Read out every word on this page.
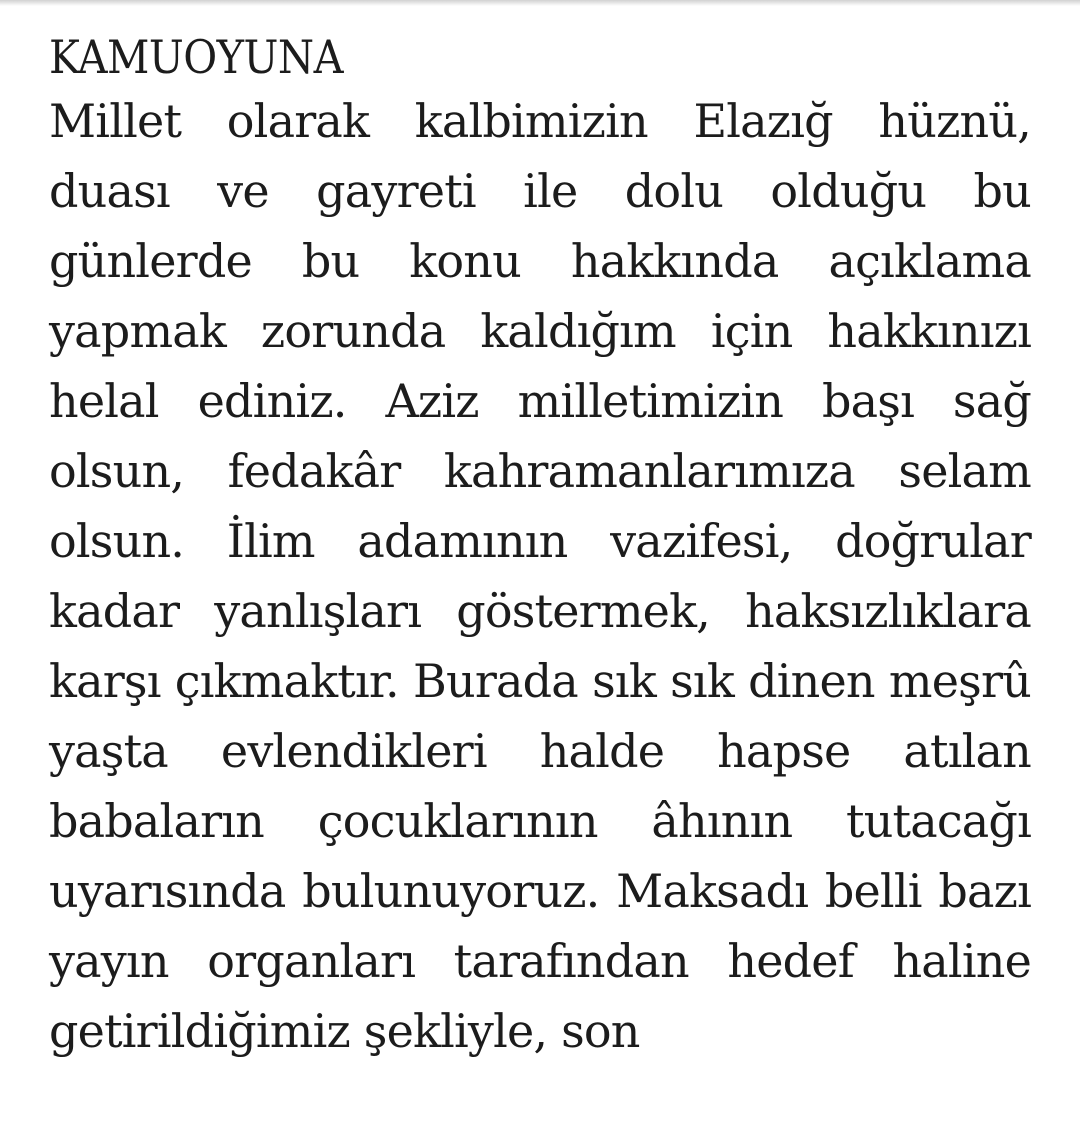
KAMUOYUNA

Millet olarak kalbimizin Elazığ hüznü, duası ve gayreti ile dolu olduğu bu günlerde bu konu hakkında açıklama yapmak zorunda kaldığım için hakkınızı helal ediniz. Aziz milletimizin başı sağ olsun, fedakâr kahramanlarımıza selam olsun. İlim adamının vazifesi, doğrular kadar yanlışları göstermek, haksızlıklara karşı çıkmaktır. Burada sık sık dinen meşrû yaşta evlendikleri halde hapse atılan babaların çocuklarının âhının tutacağı uyarısında bulunuyoruz. Maksadı belli bazı yayın organları tarafından hedef haline getirildiğimiz şekliyle, son
